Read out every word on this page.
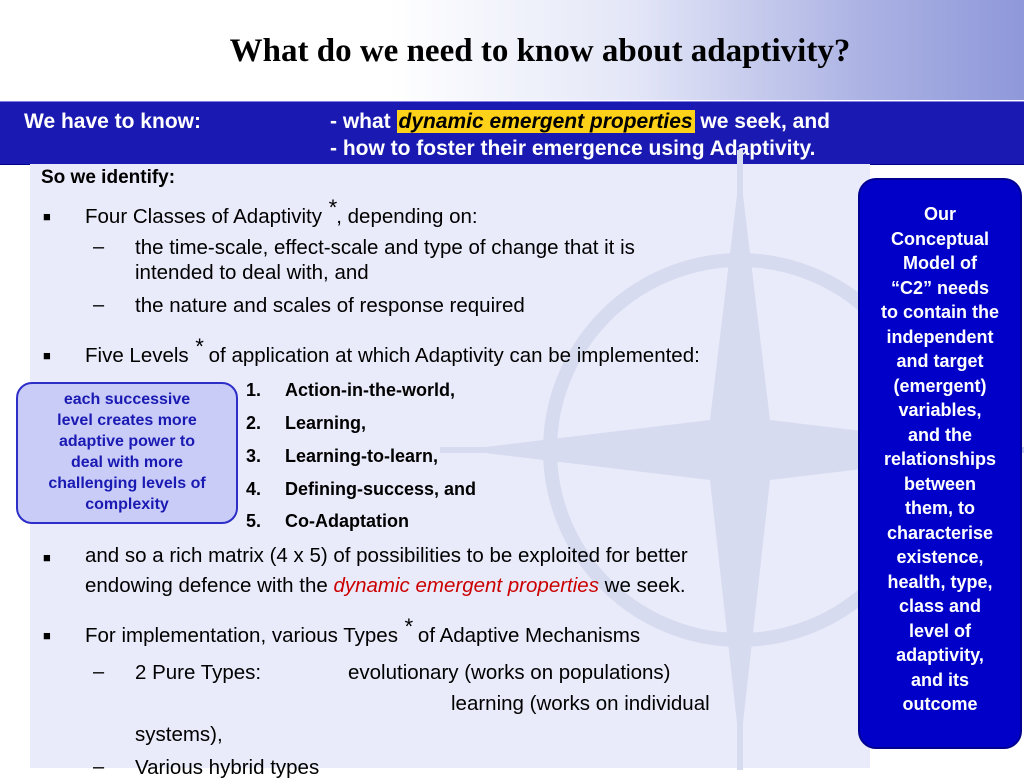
What do we need to know about adaptivity?
We have to know:	- what dynamic emergent properties we seek, and
- how to foster their emergence using Adaptivity.
So we identify:
■ Four Classes of Adaptivity *, depending on:
– the time-scale, effect-scale and type of change that it is
intended to deal with, and
– the nature and scales of response required
■ Five Levels * of application at which Adaptivity can be implemented:
1. Action-in-the-world,
2. Learning,
3. Learning-to-learn,
4. Defining-success, and
5. Co-Adaptation
■ and so a rich matrix (4 x 5) of possibilities to be exploited for better
endowing defence with the dynamic emergent properties we seek.
■ For implementation, various Types * of Adaptive Mechanisms
– 2 Pure Types:	evolutionary (works on populations)
learning (works on individual
systems),
– Various hybrid types
each successive
level creates more
adaptive power to
deal with more
challenging levels of
complexity
Our
Conceptual
Model of
“C2” needs
to contain the
independent
and target
(emergent)
variables,
and the
relationships
between
them, to
characterise
existence,
health, type,
class and
level of
adaptivity,
and its
outcome
